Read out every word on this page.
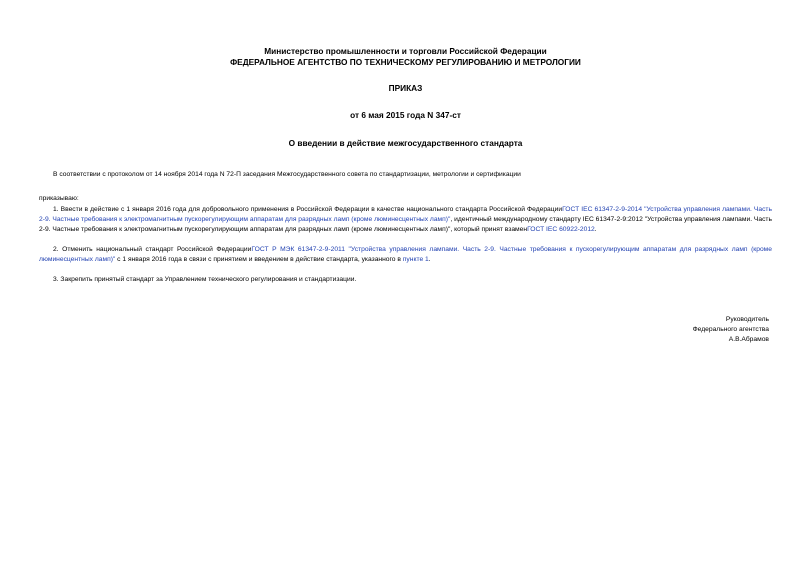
Министерство промышленности и торговли Российской Федерации
ФЕДЕРАЛЬНОЕ АГЕНТСТВО ПО ТЕХНИЧЕСКОМУ РЕГУЛИРОВАНИЮ И МЕТРОЛОГИИ
ПРИКАЗ
от 6 мая 2015 года N 347-ст
О введении в действие межгосударственного стандарта

В соответствии с протоколом от 14 ноября 2014 года N 72-П заседания Межгосударственного совета по стандартизации, метрологии и сертификации

приказываю:

1. Ввести в действие с 1 января 2016 года для добровольного применения в Российской Федерации в качестве национального стандарта Российской ФедерацииГОСТ IEC 61347-2-9-2014 "Устройства управления лампами. Часть 2-9. Частные требования к электромагнитным пускорегулирующим аппаратам для разрядных ламп (кроме люминесцентных ламп)", идентичный международному стандарту IEC 61347-2-9:2012 "Устройства управления лампами. Часть 2-9. Частные требования к электромагнитным пускорегулирующим аппаратам для разрядных ламп (кроме люминесцентных ламп)", который принят взаменГОСТ IEC 60922-2012.

2. Отменить национальный стандарт Российской ФедерацииГОСТ Р МЭК 61347-2-9-2011 "Устройства управления лампами. Часть 2-9. Частные требования к пускорегулирующим аппаратам для разрядных ламп (кроме люминесцентных ламп)" с 1 января 2016 года в связи с принятием и введением в действие стандарта, указанного в пункте 1.

3. Закрепить принятый стандарт за Управлением технического регулирования и стандартизации.

Руководитель
Федерального агентства
А.В.Абрамов
